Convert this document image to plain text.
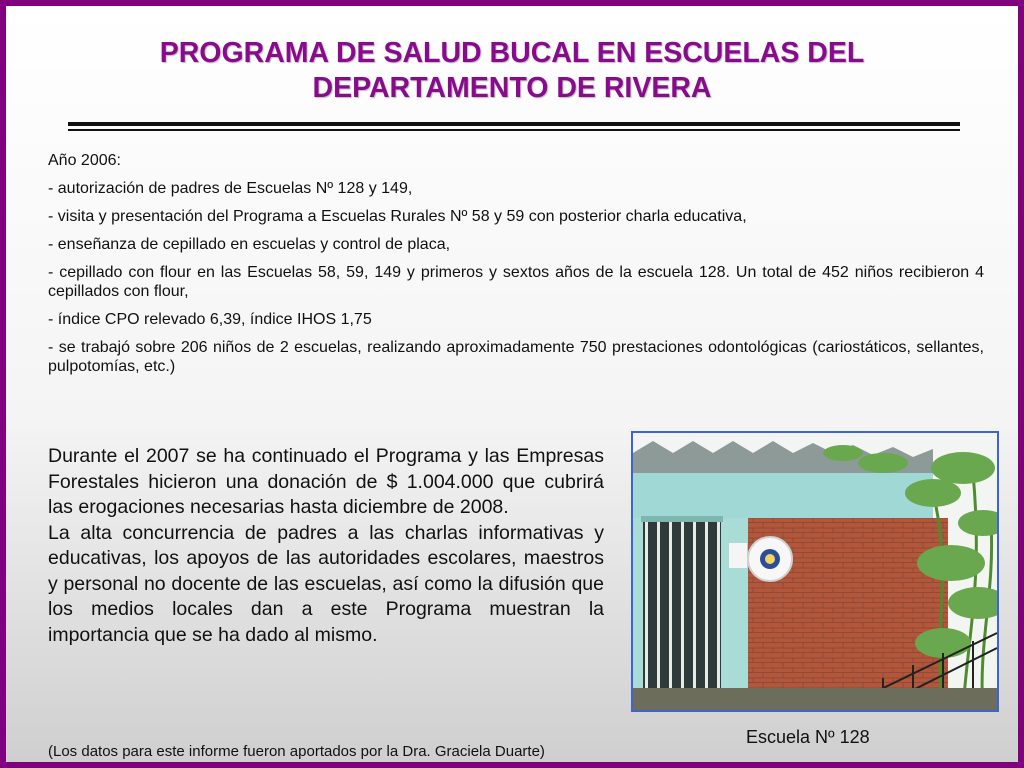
PROGRAMA DE SALUD BUCAL EN ESCUELAS DEL
DEPARTAMENTO DE RIVERA

Año 2006:

- autorización de padres de Escuelas Nº 128 y 149,

- visita y presentación del Programa a Escuelas Rurales Nº 58 y 59 con posterior charla educativa,

- enseñanza de cepillado en escuelas y control de placa,

- cepillado con flour en las Escuelas 58, 59, 149 y primeros y sextos años de la escuela 128. Un total de 452 niños recibieron 4 cepillados con flour,

- índice CPO relevado 6,39, índice IHOS 1,75

- se trabajó sobre 206 niños de 2 escuelas, realizando aproximadamente 750 prestaciones odontológicas (cariostáticos, sellantes, pulpotomías, etc.)

Durante el 2007 se ha continuado el Programa y las Empresas Forestales hicieron una donación de $ 1.004.000 que cubrirá las erogaciones necesarias hasta diciembre de 2008.

La alta concurrencia de padres a las charlas informativas y educativas, los apoyos de las autoridades escolares, maestros y personal no docente de las escuelas, así como la difusión que los medios locales dan a este Programa muestran la importancia que se ha dado al mismo.

Escuela Nº 128
(Los datos para este informe fueron aportados por la Dra. Graciela Duarte)
